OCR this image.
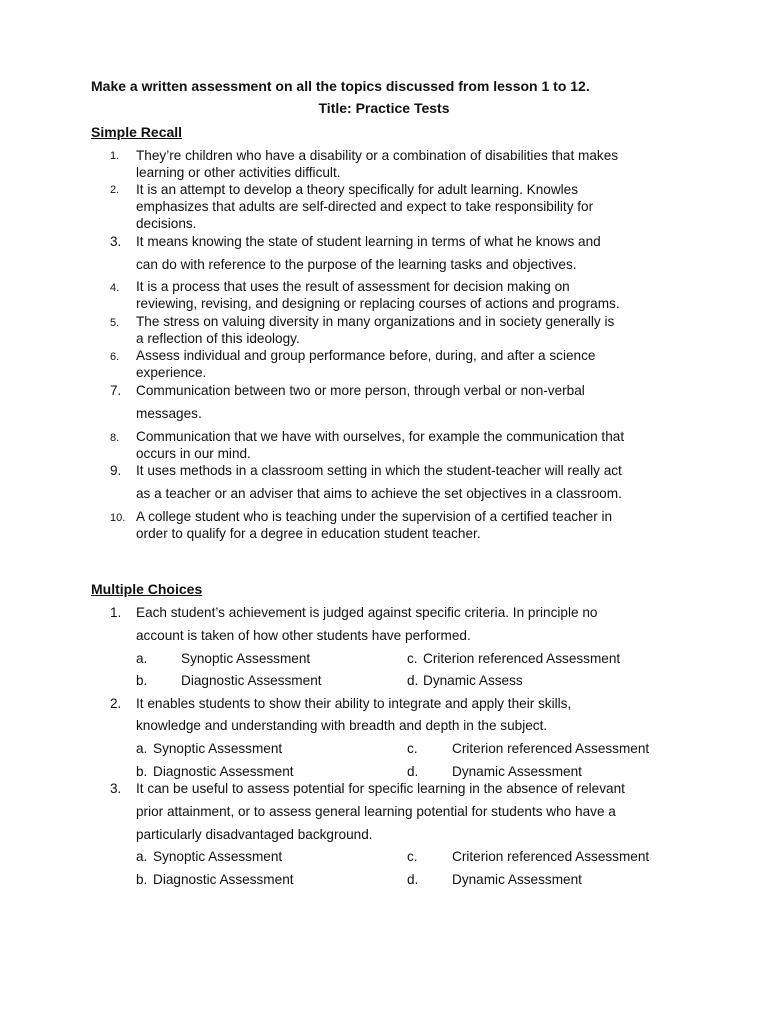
Make a written assessment on all the topics discussed from lesson 1 to 12.
Title: Practice Tests
Simple Recall
1.	They’re children who have a disability or a combination of disabilities that makes
learning or other activities difficult.
2.	It is an attempt to develop a theory specifically for adult learning. Knowles
emphasizes that adults are self-directed and expect to take responsibility for
decisions.
3.	It means knowing the state of student learning in terms of what he knows and
can do with reference to the purpose of the learning tasks and objectives.
4.	It is a process that uses the result of assessment for decision making on
reviewing, revising, and designing or replacing courses of actions and programs.
5.	The stress on valuing diversity in many organizations and in society generally is
a reflection of this ideology.
6.	Assess individual and group performance before, during, and after a science
experience.
7.	Communication between two or more person, through verbal or non-verbal
messages.
8.	Communication that we have with ourselves, for example the communication that
occurs in our mind.
9.	It uses methods in a classroom setting in which the student-teacher will really act
as a teacher or an adviser that aims to achieve the set objectives in a classroom.
10. A college student who is teaching under the supervision of a certified teacher in
order to qualify for a degree in education student teacher.
Multiple Choices
1.	Each student’s achievement is judged against specific criteria. In principle no
account is taken of how other students have performed.
a. Synoptic Assessment	c. Criterion referenced Assessment
b. Diagnostic Assessment	d. Dynamic Assess
2.	It enables students to show their ability to integrate and apply their skills,
knowledge and understanding with breadth and depth in the subject.
a. Synoptic Assessment	c.	Criterion referenced Assessment
b. Diagnostic Assessment	d. Dynamic Assessment
3.	It can be useful to assess potential for specific learning in the absence of relevant
prior attainment, or to assess general learning potential for students who have a
particularly disadvantaged background.
a. Synoptic Assessment	c.	Criterion referenced Assessment
b. Diagnostic Assessment	d. Dynamic Assessment
